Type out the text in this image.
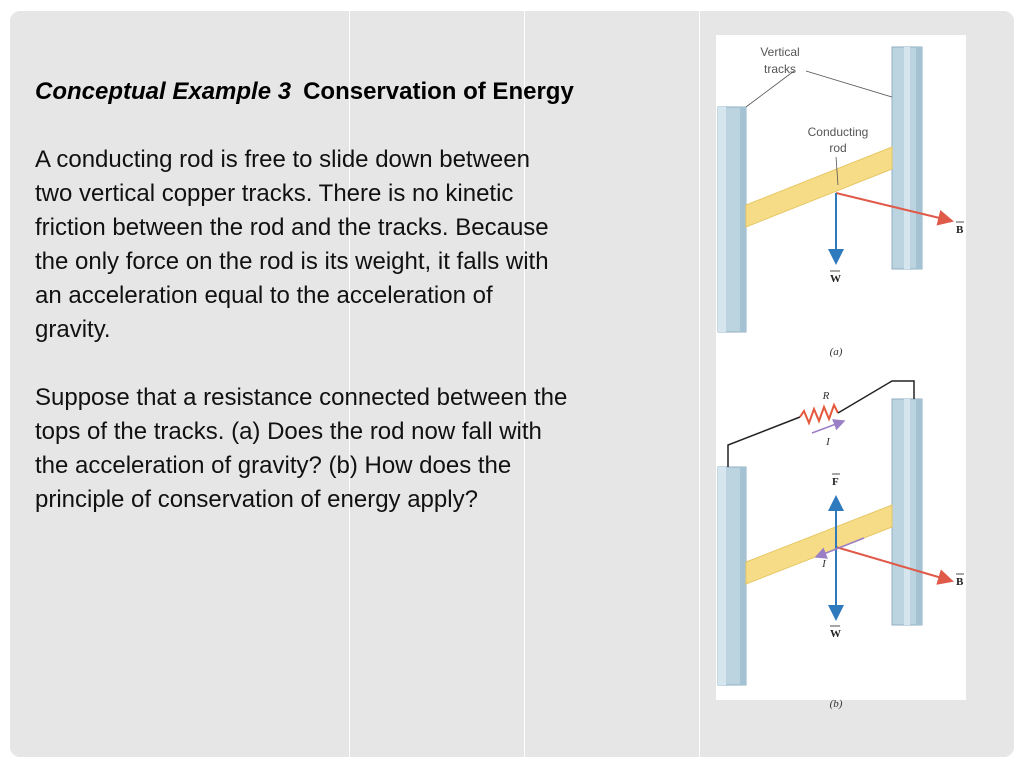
Conceptual Example 3 Conservation of Energy
A conducting rod is free to slide down between
two vertical copper tracks. There is no kinetic
friction between the rod and the tracks. Because
the only force on the rod is its weight, it falls with
an acceleration equal to the acceleration of
gravity.
Suppose that a resistance connected between the
tops of the tracks. (a) Does the rod now fall with
the acceleration of gravity? (b) How does the
principle of conservation of energy apply?
Vertical
tracks
Conducting
rod
B
W
(a)
R
I
F
I
B
W
(b)
